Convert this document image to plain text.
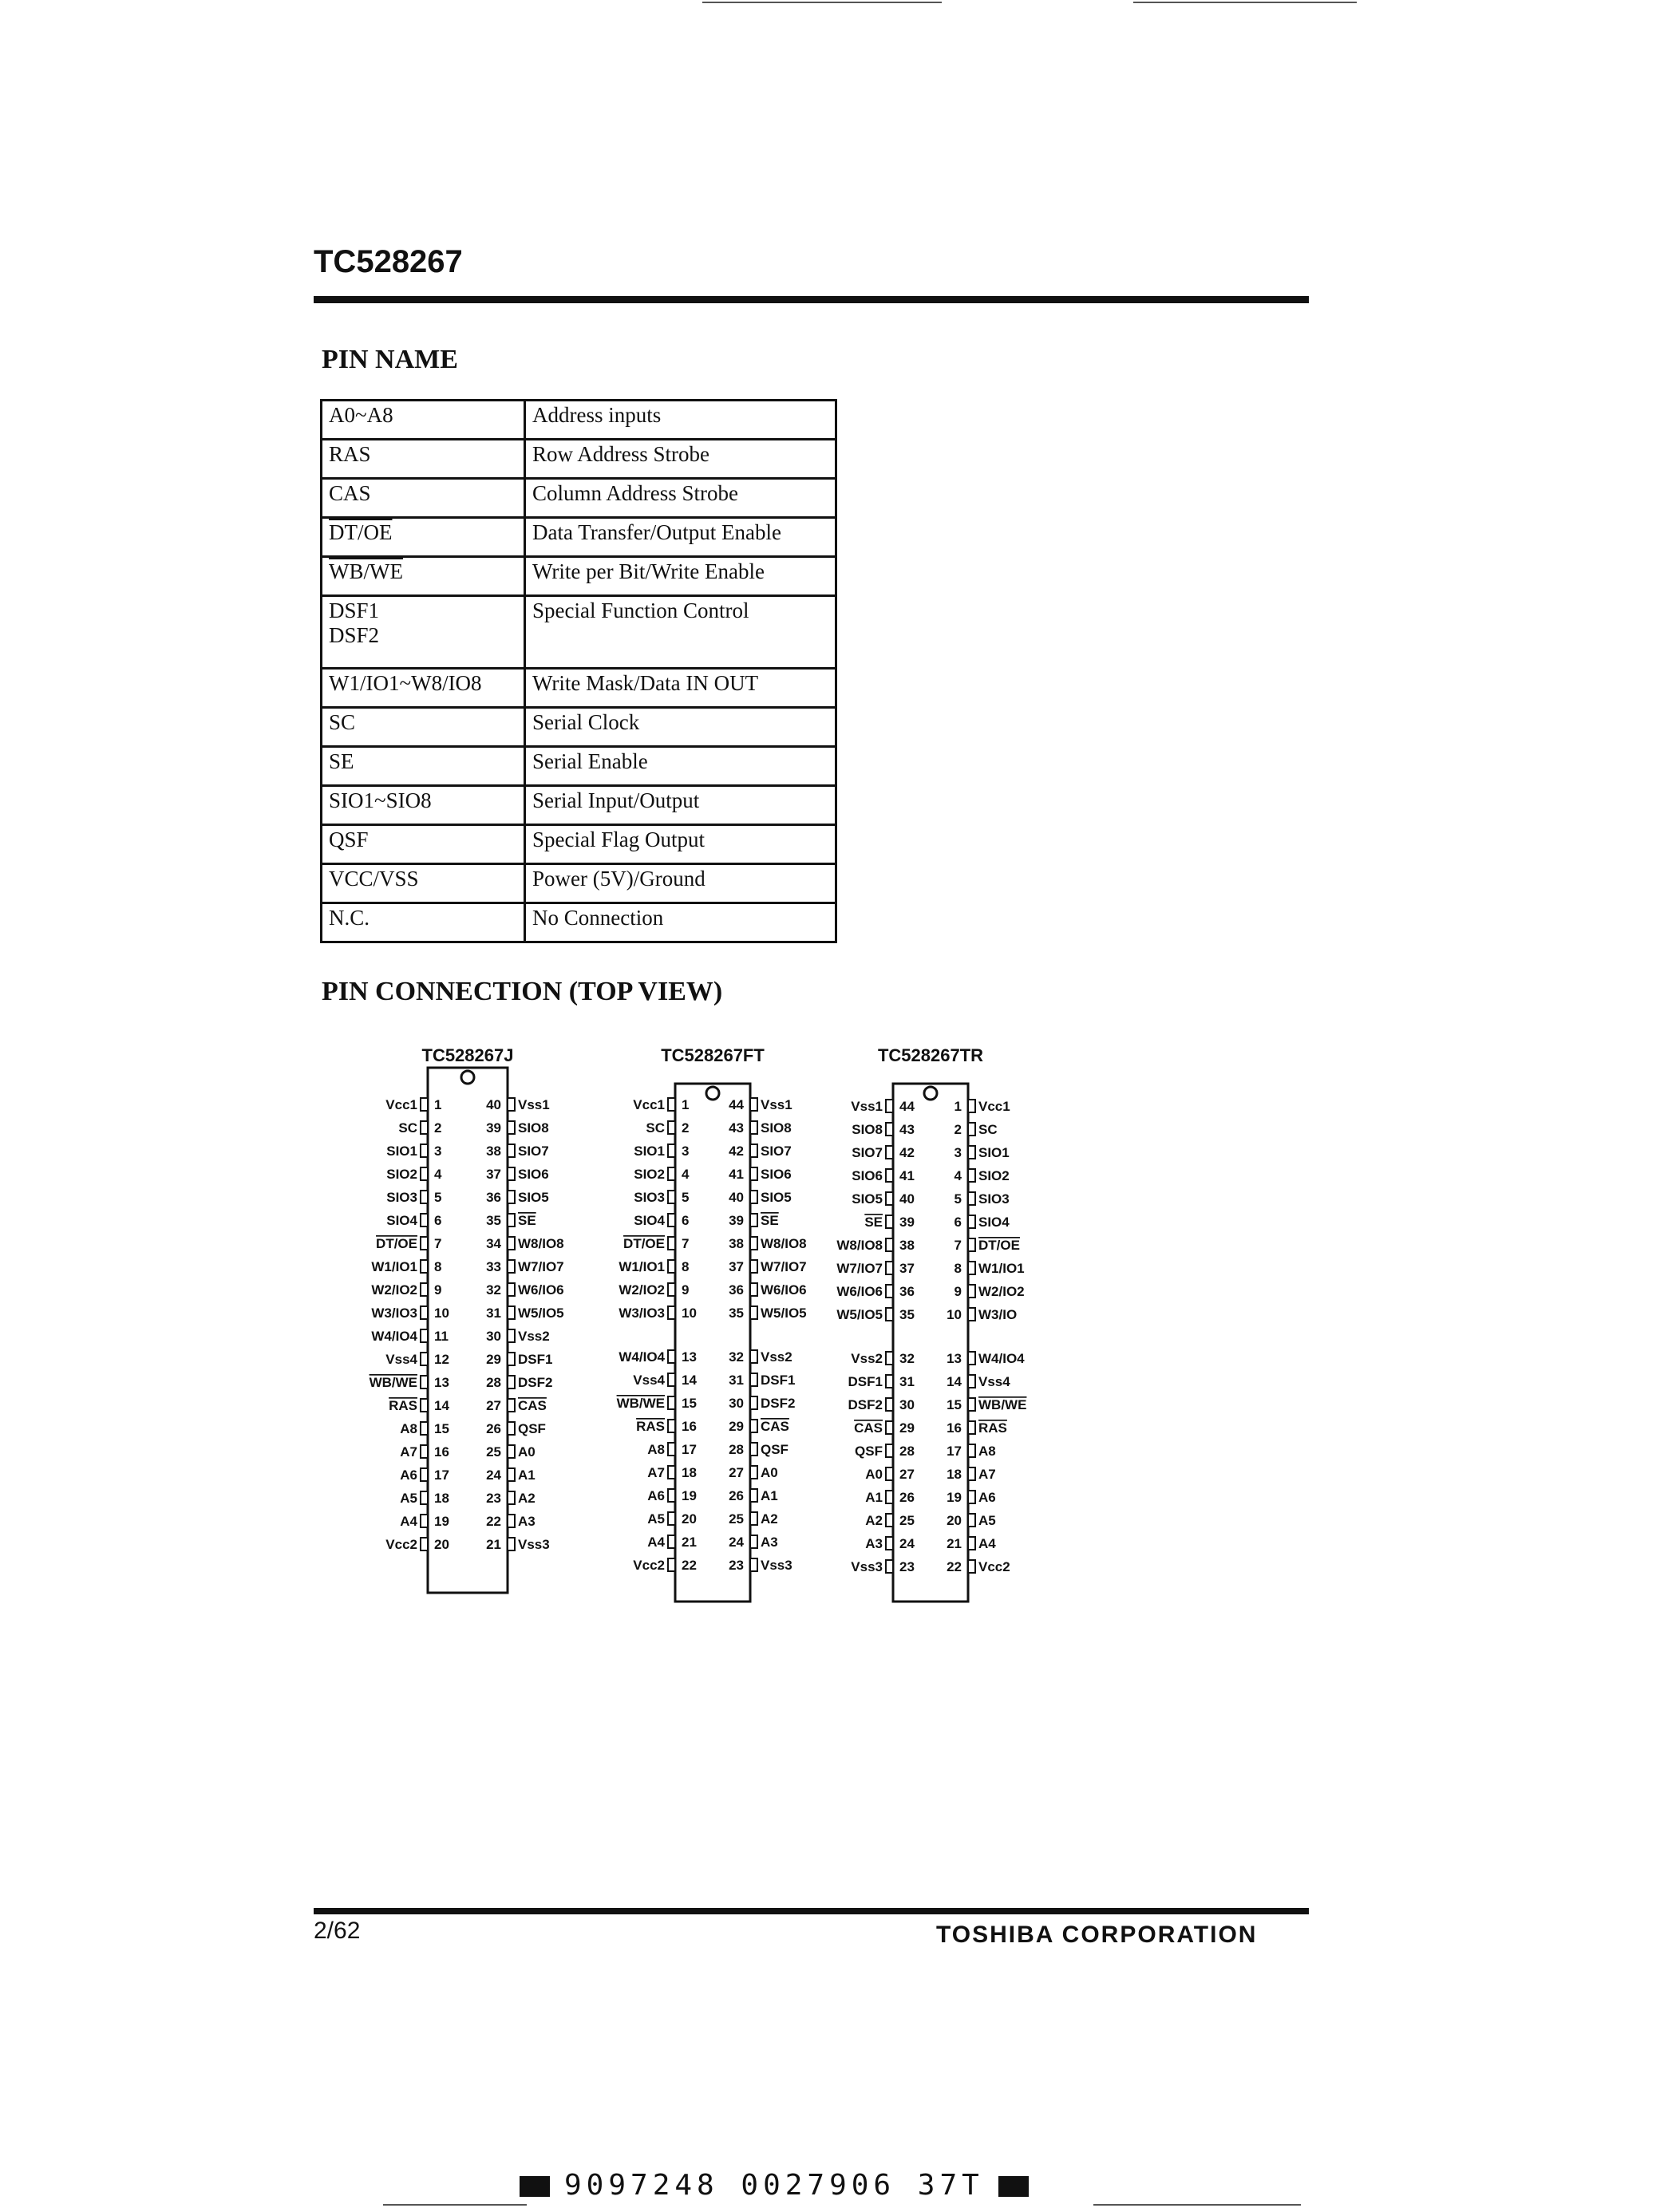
TC528267
PIN NAME
A0~A8	Address inputs
RAS	Row Address Strobe
CAS	Column Address Strobe
DT/OE	Data Transfer/Output Enable
WB/WE	Write per Bit/Write Enable

DSF1
DSF2	Special Function Control
W1/IO1~W8/IO8	Write Mask/Data IN OUT
SC	Serial Clock
SE	Serial Enable
SIO1~SIO8	Serial Input/Output
QSF	Special Flag Output
VCC/VSS	Power (5V)/Ground
N.C.	No Connection
PIN CONNECTION (TOP VIEW)
TC528267J
Vcc1 1
SC 2
SIO1 3
SIO2 4
SIO3 5
SIO4 6
DT/OE 7
W1/IO1 8
W2/IO2 9
W3/IO3 10
W4/IO4 11
Vss4 12
WB/WE 13
RAS 14
A8 15
A7 16
A6 17
A5 18
A4 19
Vcc2 20
40 Vss1
39 SIO8
38 SIO7
37 SIO6
36 SIO5
35 SE
34 W8/IO8
33 W7/IO7
32 W6/IO6
31 W5/IO5
30 Vss2
29 DSF1
28 DSF2
27 CAS
26 QSF
25 A0
24 A1
23 A2
22 A3
21 Vss3
TC528267FT
Vcc1 1
SC 2
SIO1 3
SIO2 4
SIO3 5
SIO4 6
DT/OE 7
W1/IO1 8
W2/IO2 9
W3/IO3 10
W4/IO4 13
Vss4 14
WB/WE 15
RAS 16
A8 17
A7 18
A6 19
A5 20
A4 21
Vcc2 22
44 Vss1
43 SIO8
42 SIO7
41 SIO6
40 SIO5
39 SE
38 W8/IO8
37 W7/IO7
36 W6/IO6
35 W5/IO5
32 Vss2
31 DSF1
30 DSF2
29 CAS
28 QSF
27 A0
26 A1
25 A2
24 A3
23 Vss3
TC528267TR
Vss1 44
SIO8 43
SIO7 42
SIO6 41
SIO5 40
SE 39
W8/IO8 38
W7/IO7 37
W6/IO6 36
W5/IO5 35
Vss2 32
DSF1 31
DSF2 30
CAS 29
QSF 28
A0 27
A1 26
A2 25
A3 24
Vss3 23
1 Vcc1
2 SC
3 SIO1
4 SIO2
5 SIO3
6 SIO4
7 DT/OE
8 W1/IO1
9 W2/IO2
10 W3/IO
13 W4/IO4
14 Vss4
15 WB/WE
16 RAS
17 A8
18 A7
19 A6
20 A5
21 A4
22 Vcc2
2/62	TOSHIBA CORPORATION
9097248 0027906 37T
